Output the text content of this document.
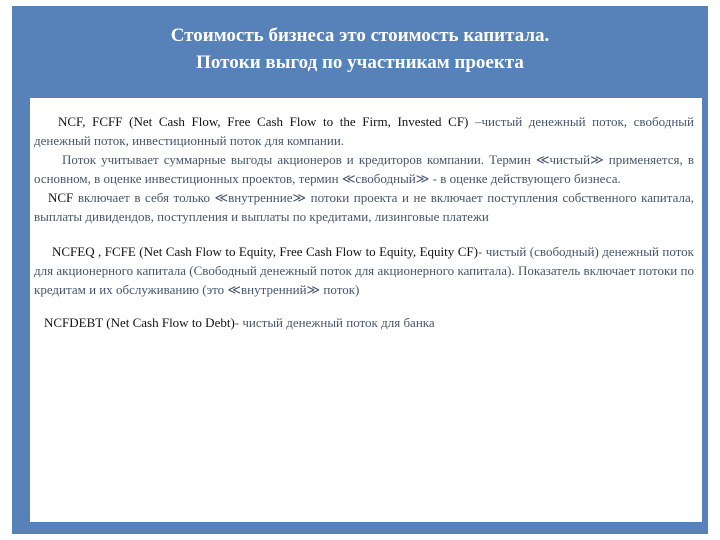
Стоимость бизнеса это стоимость капитала.
Потоки выгод по участникам проекта

NCF, FCFF (Net Cash Flow, Free Cash Flow to the Firm, Invested CF) –чистый денежный поток, свободный денежный поток, инвестиционный поток для компании.

Поток учитывает суммарные выгоды акционеров и кредиторов компании. Термин ≪чистый≫ применяется, в основном, в оценке инвестиционных проектов, термин ≪свободный≫ - в оценке действующего бизнеса.

NCF включает в себя только ≪внутренние≫ потоки проекта и не включает поступления собственного капитала, выплаты дивидендов, поступления и выплаты по кредитами, лизинговые платежи

NCFEQ , FCFE (Net Cash Flow to Equity, Free Cash Flow to Equity, Equity CF)- чистый (свободный) денежный поток для акционерного капитала (Свободный денежный поток для акционерного капитала). Показатель включает потоки по кредитам и их обслуживанию (это ≪внутренний≫ поток)

NCFDEBT (Net Cash Flow to Debt)- чистый денежный поток для банка
